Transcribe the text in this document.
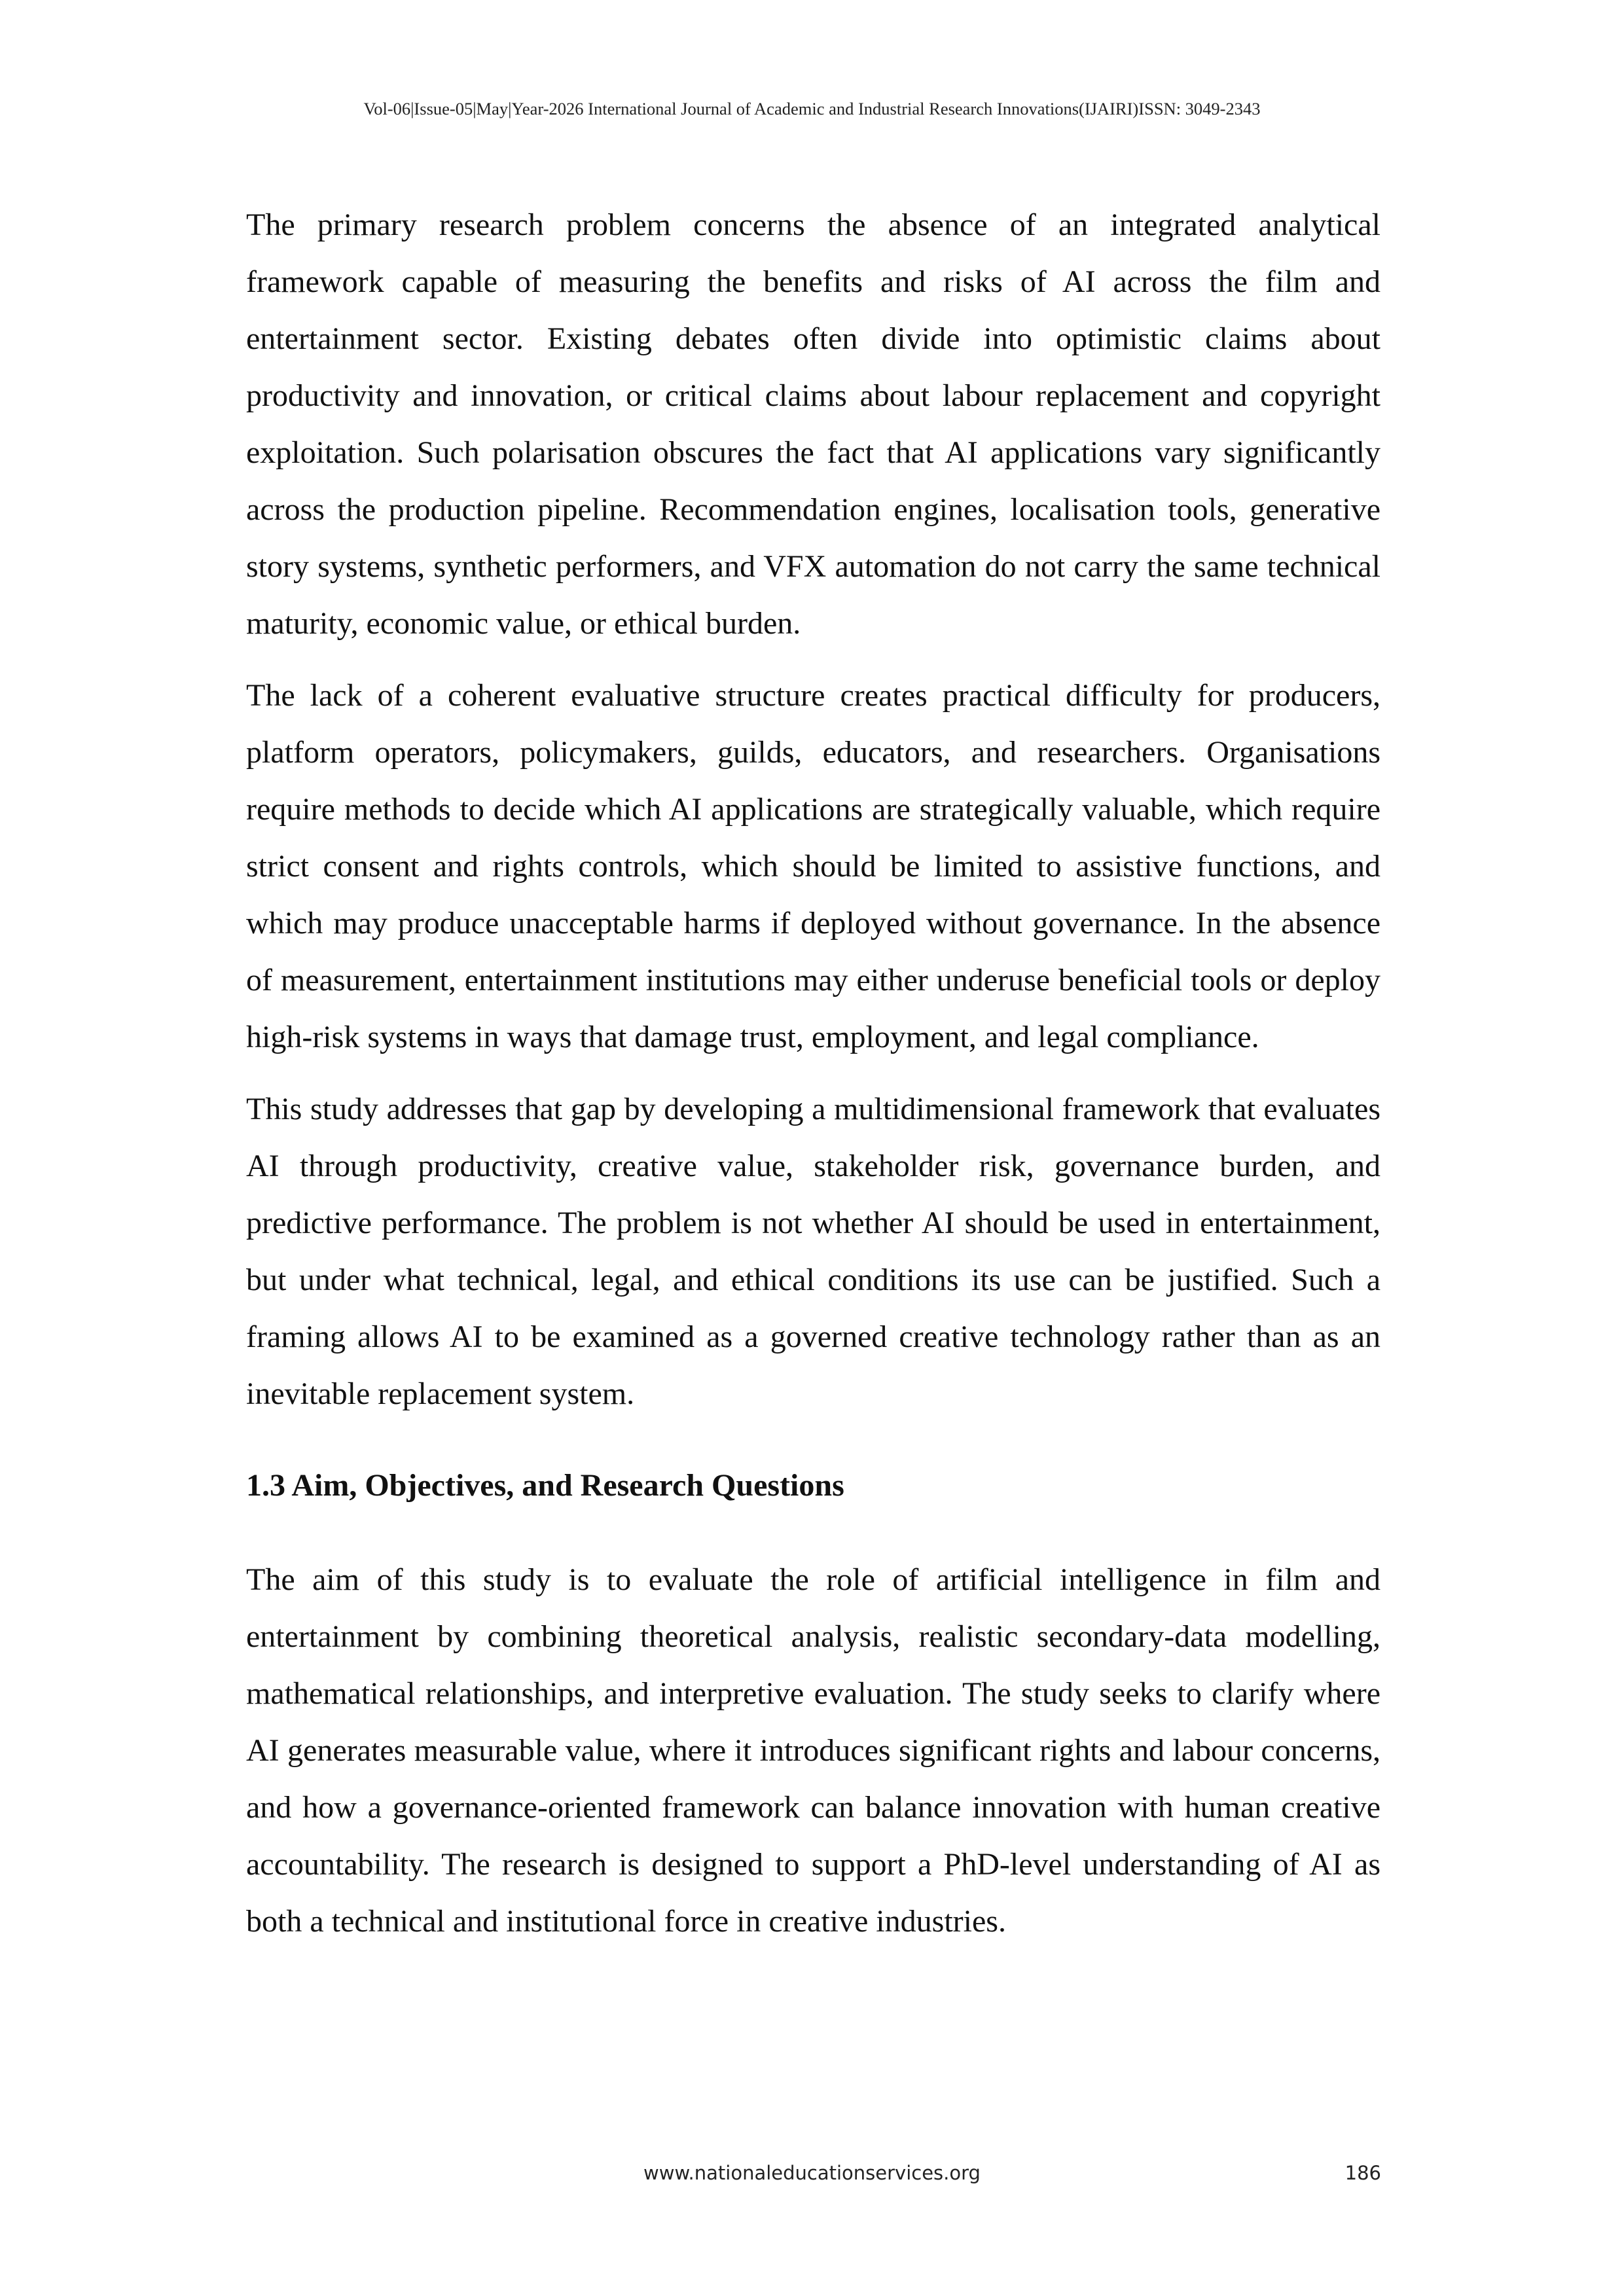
Vol-06|Issue-05|May|Year-2026 International Journal of Academic and Industrial Research Innovations(IJAIRI)ISSN: 3049-2343

The primary research problem concerns the absence of an integrated analytical framework capable of measuring the benefits and risks of AI across the film and entertainment sector. Existing debates often divide into optimistic claims about productivity and innovation, or critical claims about labour replacement and copyright exploitation. Such polarisation obscures the fact that AI applications vary significantly across the production pipeline. Recommendation engines, localisation tools, generative story systems, synthetic performers, and VFX automation do not carry the same technical maturity, economic value, or ethical burden.

The lack of a coherent evaluative structure creates practical difficulty for producers, platform operators, policymakers, guilds, educators, and researchers. Organisations require methods to decide which AI applications are strategically valuable, which require strict consent and rights controls, which should be limited to assistive functions, and which may produce unacceptable harms if deployed without governance. In the absence of measurement, entertainment institutions may either underuse beneficial tools or deploy high-risk systems in ways that damage trust, employment, and legal compliance.

This study addresses that gap by developing a multidimensional framework that evaluates AI through productivity, creative value, stakeholder risk, governance burden, and predictive performance. The problem is not whether AI should be used in entertainment, but under what technical, legal, and ethical conditions its use can be justified. Such a framing allows AI to be examined as a governed creative technology rather than as an inevitable replacement system.

1.3 Aim, Objectives, and Research Questions

The aim of this study is to evaluate the role of artificial intelligence in film and entertainment by combining theoretical analysis, realistic secondary-data modelling, mathematical relationships, and interpretive evaluation. The study seeks to clarify where AI generates measurable value, where it introduces significant rights and labour concerns, and how a governance-oriented framework can balance innovation with human creative accountability. The research is designed to support a PhD-level understanding of AI as both a technical and institutional force in creative industries.

www.nationaleducationservices.org	186
